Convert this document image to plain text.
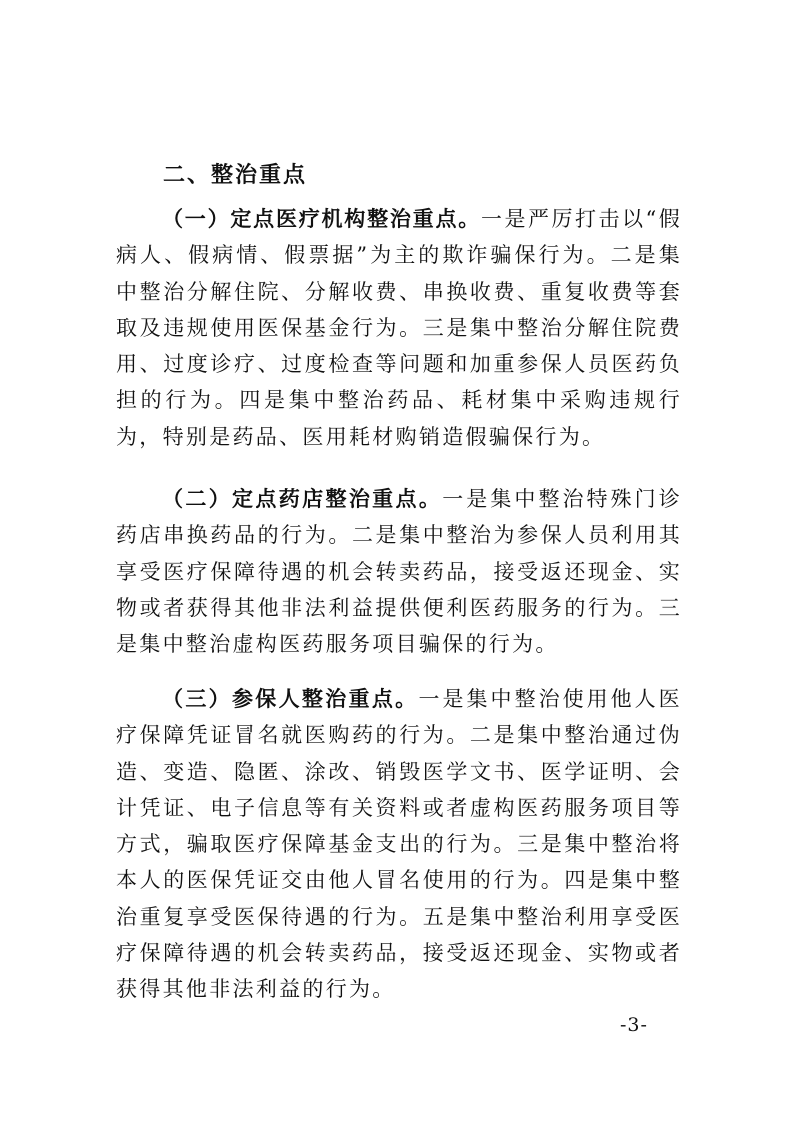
二、整治重点

（一）定点医疗机构整治重点。一是严厉打击以“假病人、假病情、假票据”为主的欺诈骗保行为。二是集中整治分解住院、分解收费、串换收费、重复收费等套取及违规使用医保基金行为。三是集中整治分解住院费用、过度诊疗、过度检查等问题和加重参保人员医药负担的行为。四是集中整治药品、耗材集中采购违规行为，特别是药品、医用耗材购销造假骗保行为。

（二）定点药店整治重点。一是集中整治特殊门诊药店串换药品的行为。二是集中整治为参保人员利用其享受医疗保障待遇的机会转卖药品，接受返还现金、实物或者获得其他非法利益提供便利医药服务的行为。三是集中整治虚构医药服务项目骗保的行为。

（三）参保人整治重点。一是集中整治使用他人医疗保障凭证冒名就医购药的行为。二是集中整治通过伪造、变造、隐匿、涂改、销毁医学文书、医学证明、会计凭证、电子信息等有关资料或者虚构医药服务项目等方式，骗取医疗保障基金支出的行为。三是集中整治将本人的医保凭证交由他人冒名使用的行为。四是集中整治重复享受医保待遇的行为。五是集中整治利用享受医疗保障待遇的机会转卖药品，接受返还现金、实物或者获得其他非法利益的行为。

-3-
